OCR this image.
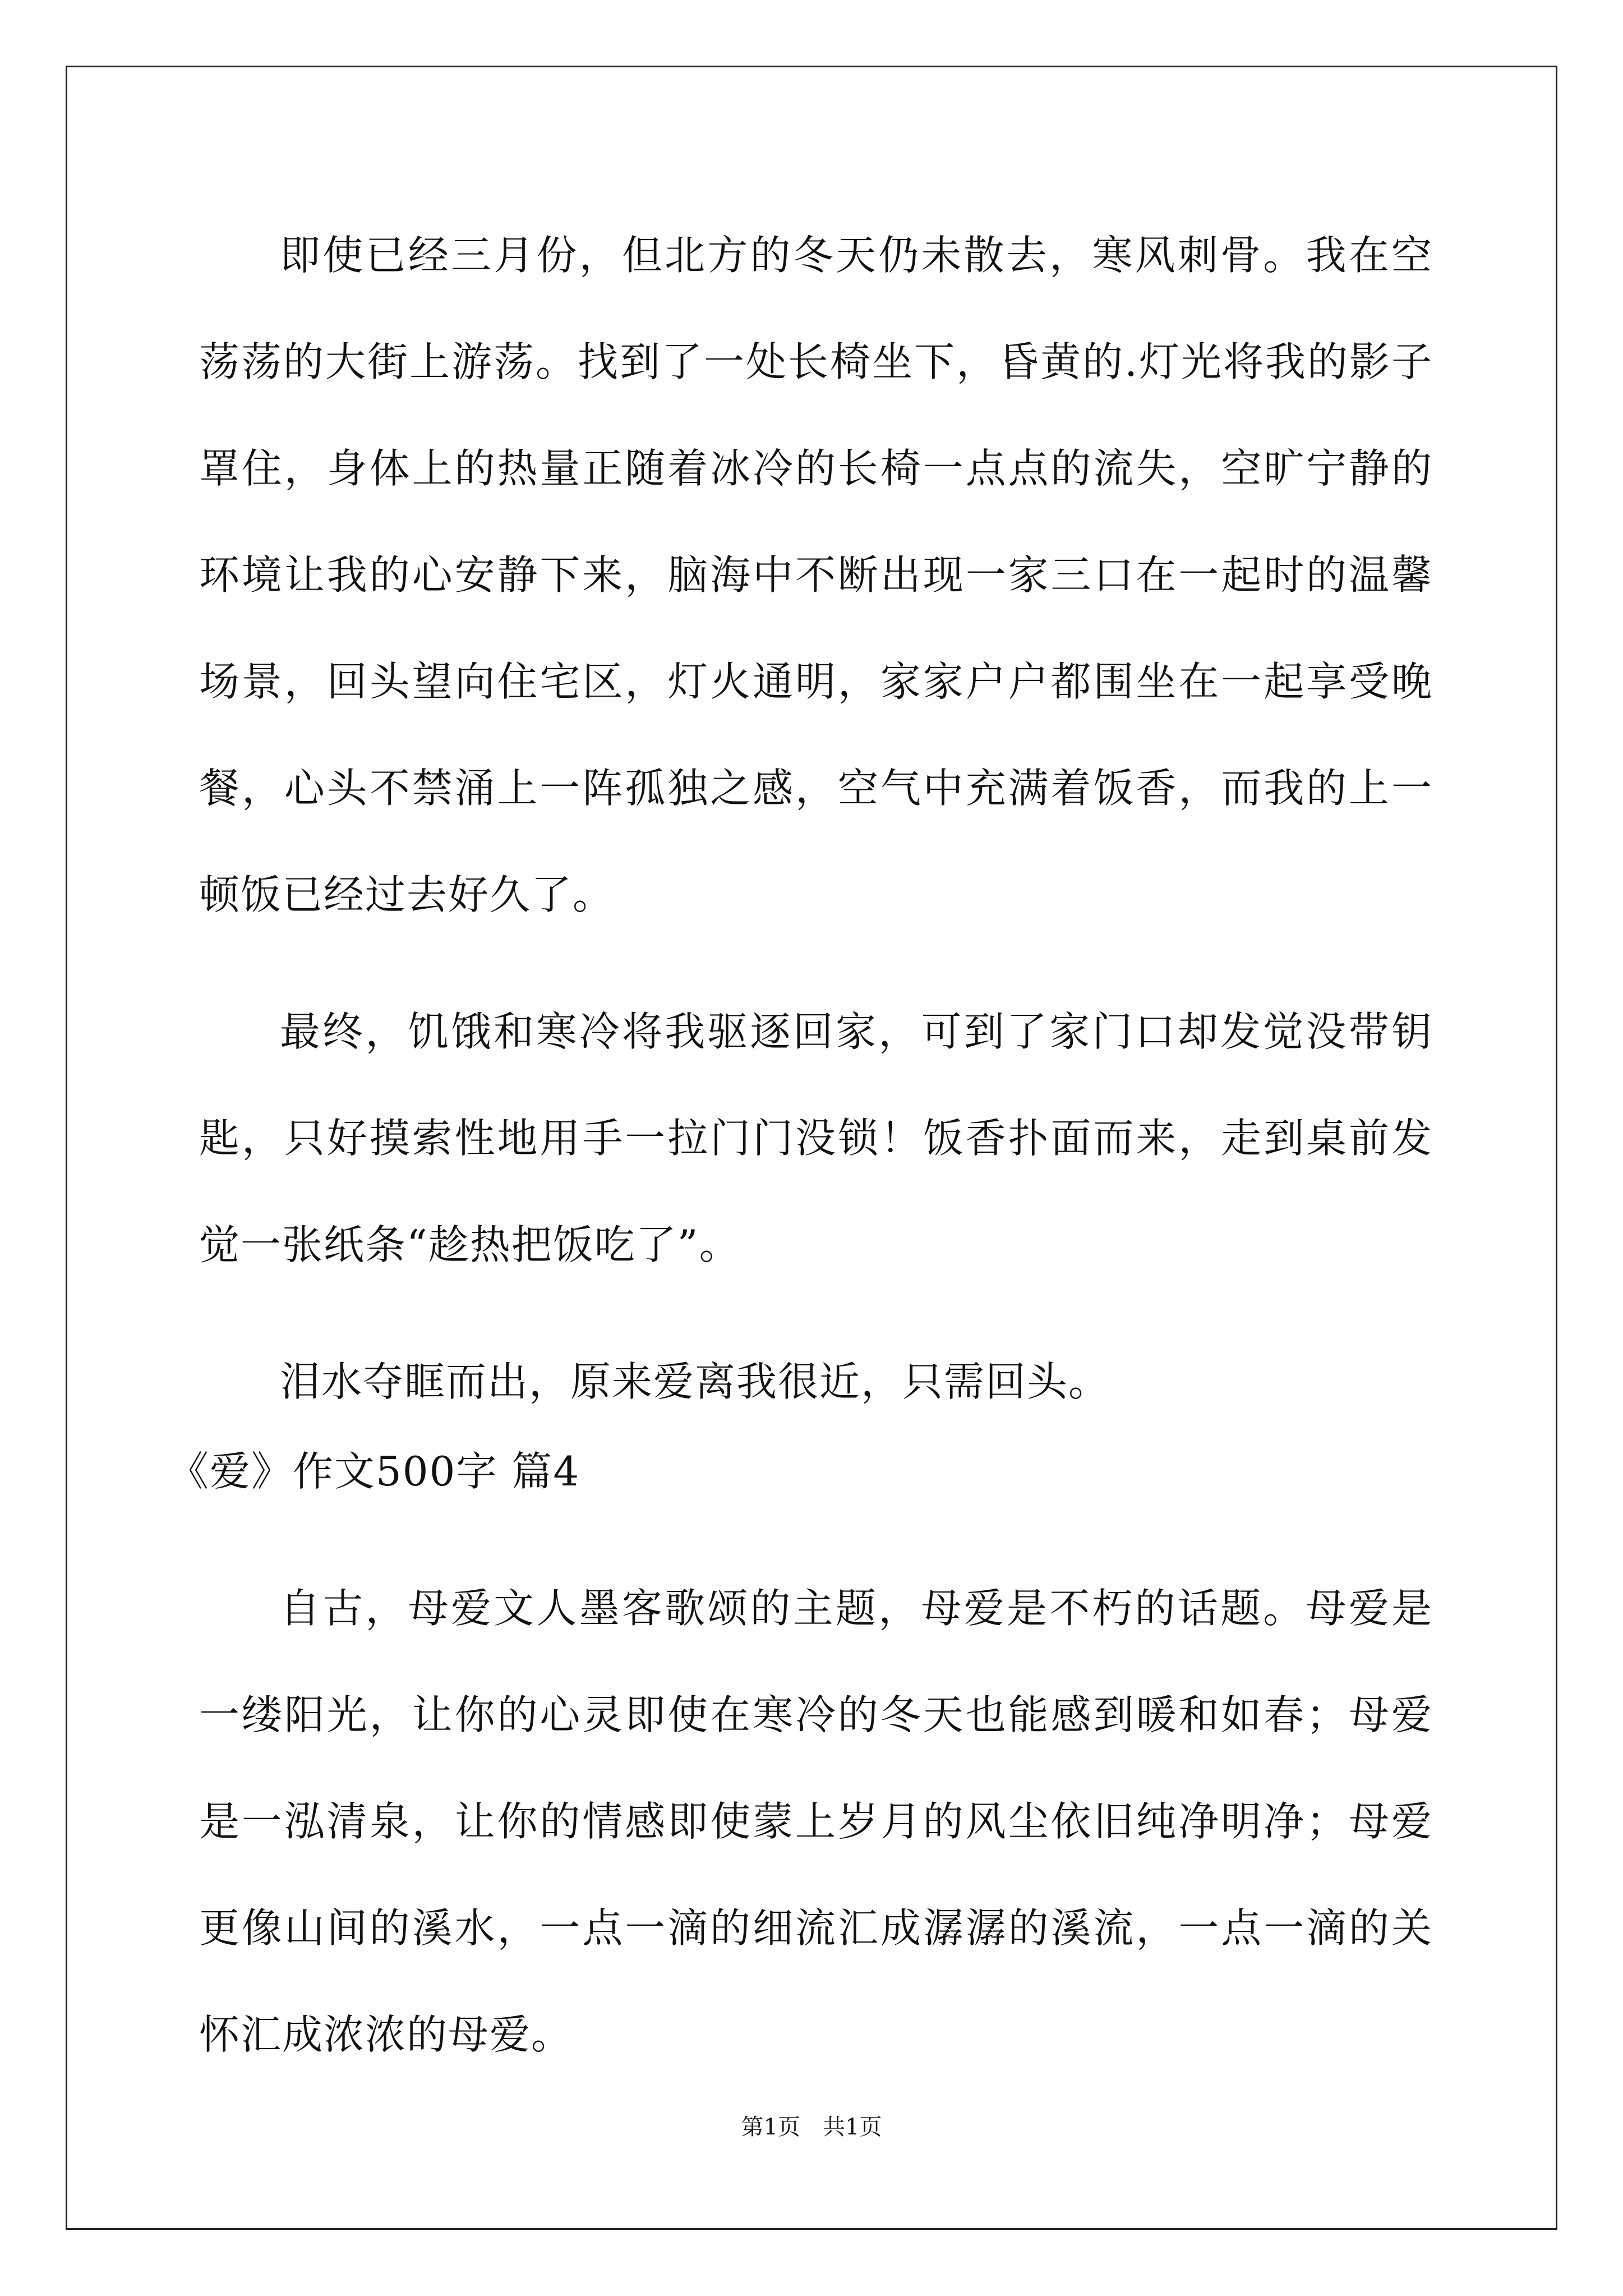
即使已经三月份，但北方的冬天仍未散去，寒风刺骨。我在空荡荡的大街上游荡。找到了一处长椅坐下，昏黄的.灯光将我的影子罩住，身体上的热量正随着冰冷的长椅一点点的流失，空旷宁静的环境让我的心安静下来，脑海中不断出现一家三口在一起时的温馨场景，回头望向住宅区，灯火通明，家家户户都围坐在一起享受晚餐，心头不禁涌上一阵孤独之感，空气中充满着饭香，而我的上一顿饭已经过去好久了。

最终，饥饿和寒冷将我驱逐回家，可到了家门口却发觉没带钥匙，只好摸索性地用手一拉门门没锁！饭香扑面而来，走到桌前发觉一张纸条“趁热把饭吃了”。

泪水夺眶而出，原来爱离我很近，只需回头。

《爱》作文500字 篇4

自古，母爱文人墨客歌颂的主题，母爱是不朽的话题。母爱是一缕阳光，让你的心灵即使在寒冷的冬天也能感到暖和如春；母爱是一泓清泉，让你的情感即使蒙上岁月的风尘依旧纯净明净；母爱更像山间的溪水，一点一滴的细流汇成潺潺的溪流，一点一滴的关怀汇成浓浓的母爱。

第1页　共1页
